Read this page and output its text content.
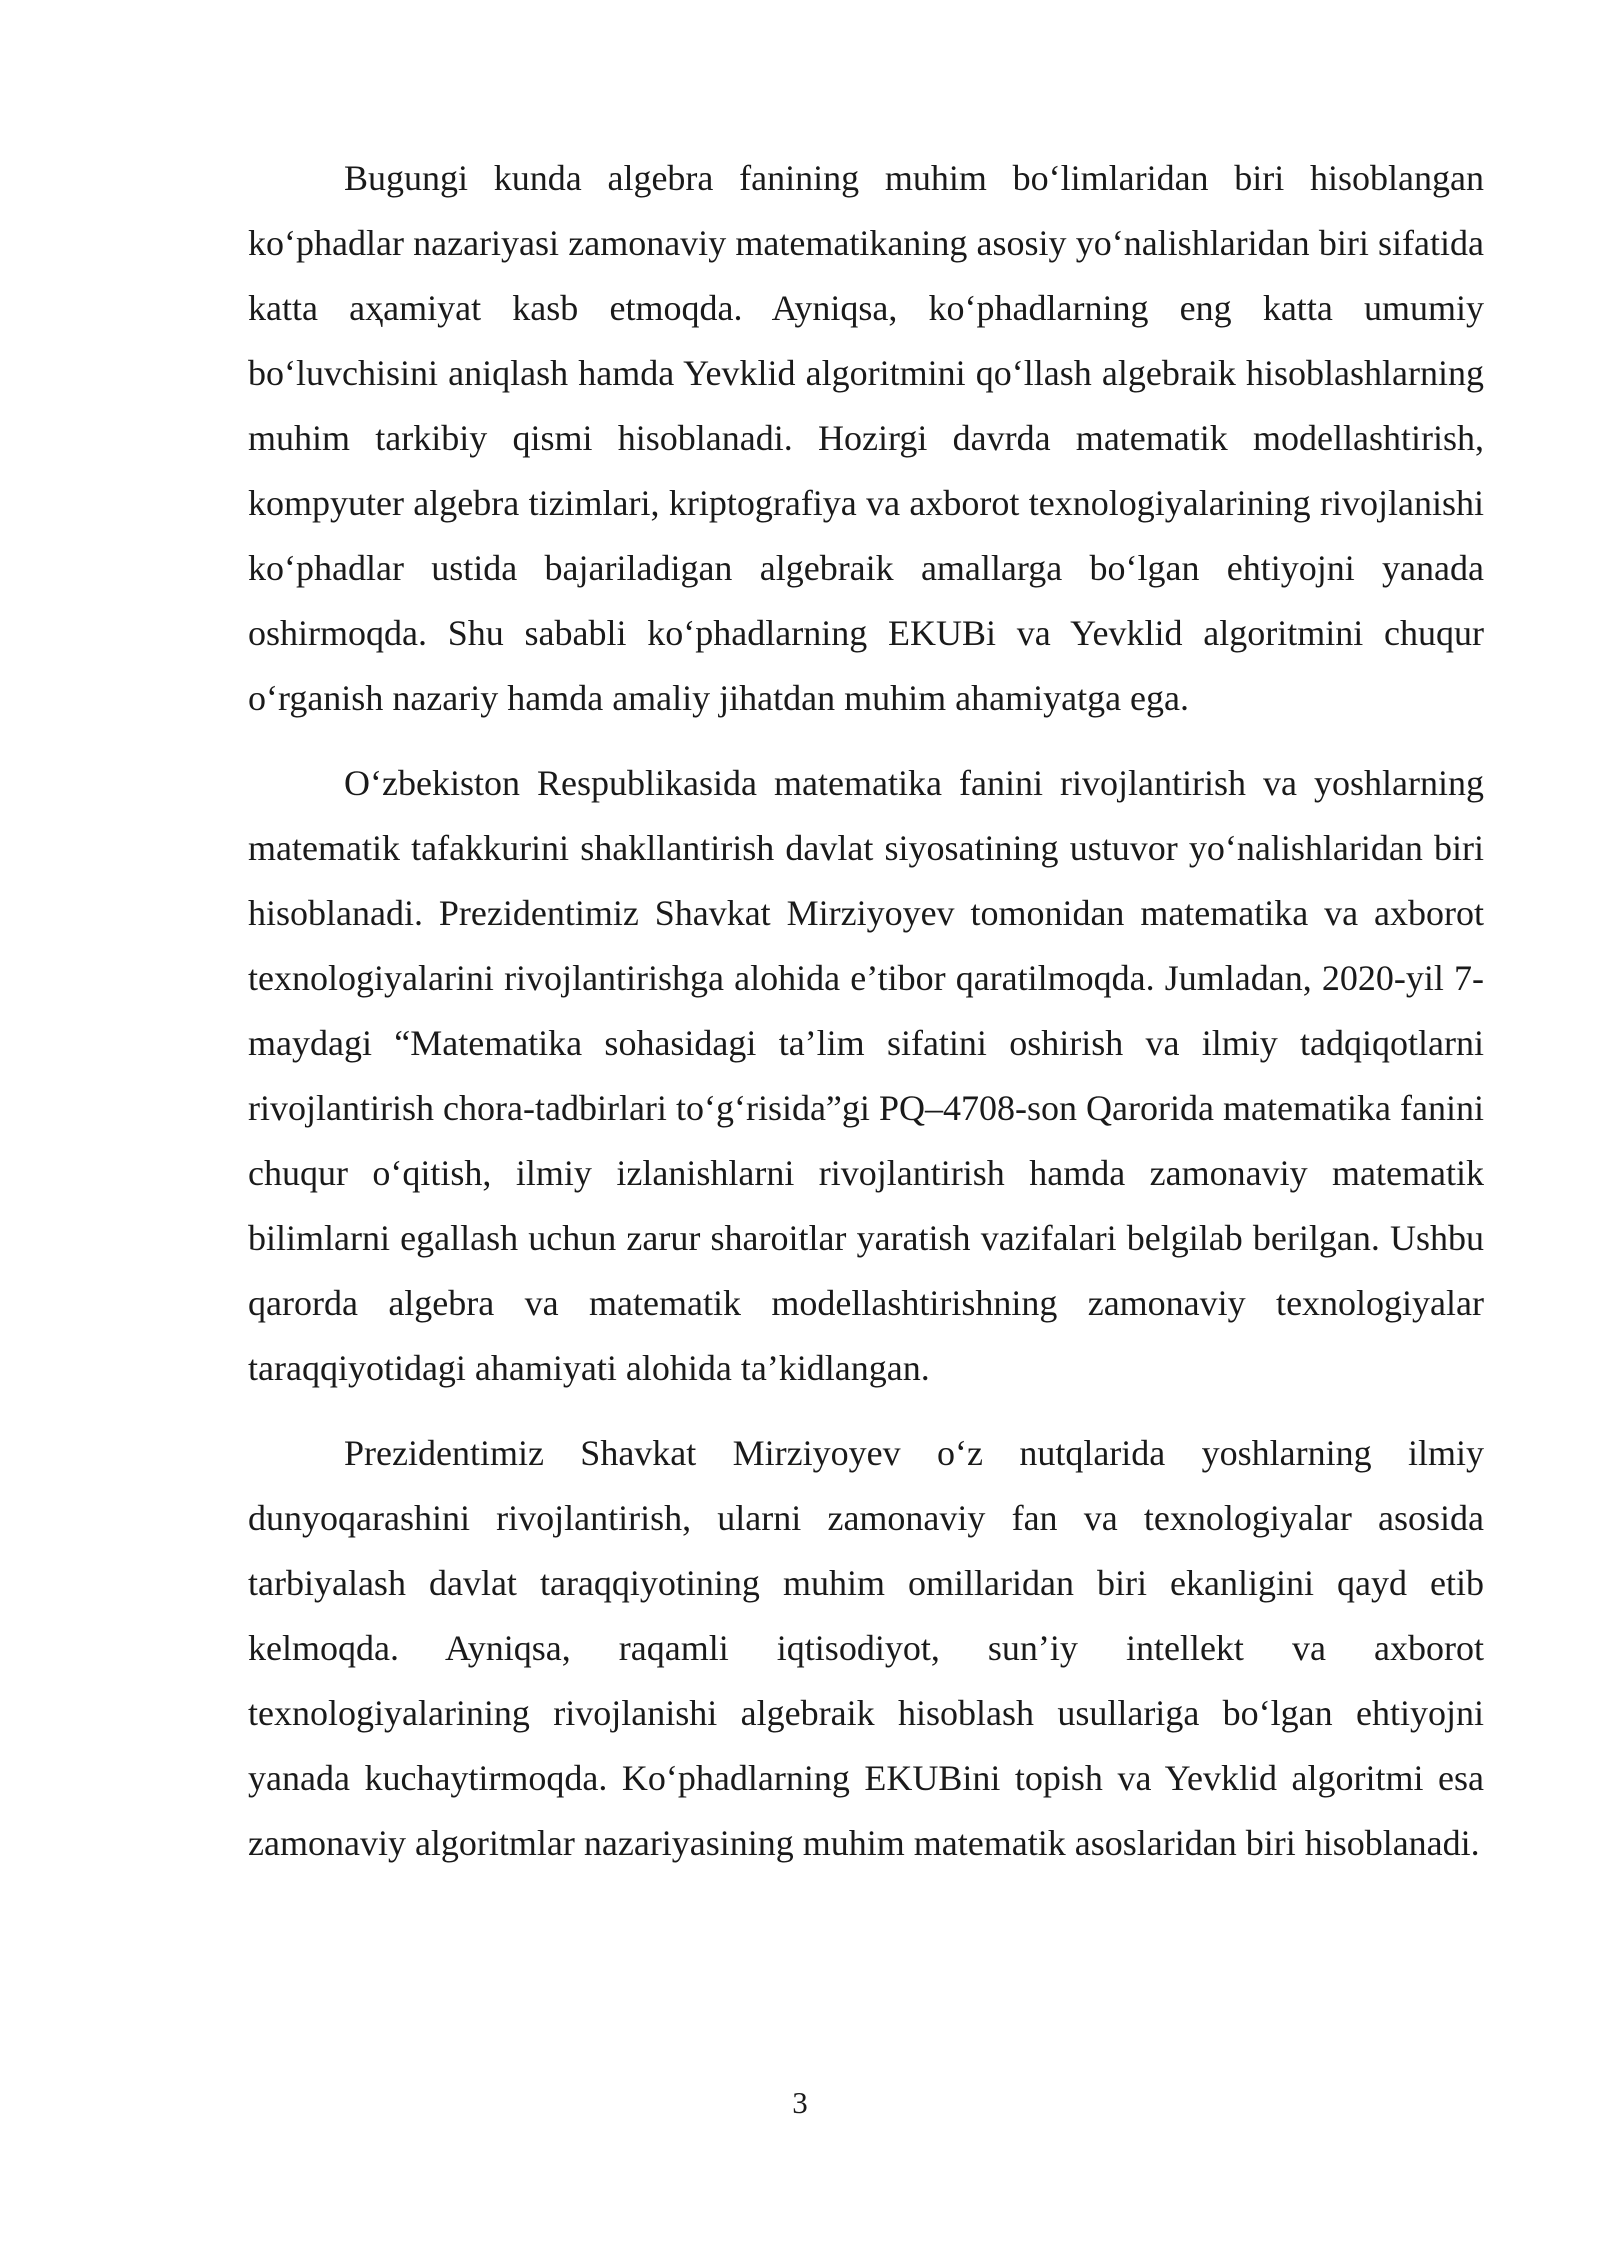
Bugungi kunda algebra fanining muhim bo‘limlaridan biri hisoblangan ko‘phadlar nazariyasi zamonaviy matematikaning asosiy yo‘nalishlaridan biri sifatida katta aҳamiyat kasb etmoqda. Ayniqsa, ko‘phadlarning eng katta umumiy bo‘luvchisini aniqlash hamda Yevklid algoritmini qo‘llash algebraik hisoblashlarning muhim tarkibiy qismi hisoblanadi. Hozirgi davrda matematik modellashtirish, kompyuter algebra tizimlari, kriptografiya va axborot texnologiyalarining rivojlanishi ko‘phadlar ustida bajariladigan algebraik amallarga bo‘lgan ehtiyojni yanada oshirmoqda. Shu sababli ko‘phadlarning EKUBi va Yevklid algoritmini chuqur o‘rganish nazariy hamda amaliy jihatdan muhim ahamiyatga ega.

O‘zbekiston Respublikasida matematika fanini rivojlantirish va yoshlarning matematik tafakkurini shakllantirish davlat siyosatining ustuvor yo‘nalishlaridan biri hisoblanadi. Prezidentimiz Shavkat Mirziyoyev tomonidan matematika va axborot texnologiyalarini rivojlantirishga alohida e’tibor qaratilmoqda. Jumladan, 2020-yil 7-maydagi “Matematika sohasidagi ta’lim sifatini oshirish va ilmiy tadqiqotlarni rivojlantirish chora-tadbirlari to‘g‘risida”gi PQ–4708-son Qarorida matematika fanini chuqur o‘qitish, ilmiy izlanishlarni rivojlantirish hamda zamonaviy matematik bilimlarni egallash uchun zarur sharoitlar yaratish vazifalari belgilab berilgan. Ushbu qarorda algebra va matematik modellashtirishning zamonaviy texnologiyalar taraqqiyotidagi ahamiyati alohida ta’kidlangan.

Prezidentimiz Shavkat Mirziyoyev o‘z nutqlarida yoshlarning ilmiy dunyoqarashini rivojlantirish, ularni zamonaviy fan va texnologiyalar asosida tarbiyalash davlat taraqqiyotining muhim omillaridan biri ekanligini qayd etib kelmoqda. Ayniqsa, raqamli iqtisodiyot, sun’iy intellekt va axborot texnologiyalarining rivojlanishi algebraik hisoblash usullariga bo‘lgan ehtiyojni yanada kuchaytirmoqda. Ko‘phadlarning EKUBini topish va Yevklid algoritmi esa zamonaviy algoritmlar nazariyasining muhim matematik asoslaridan biri hisoblanadi.

3
